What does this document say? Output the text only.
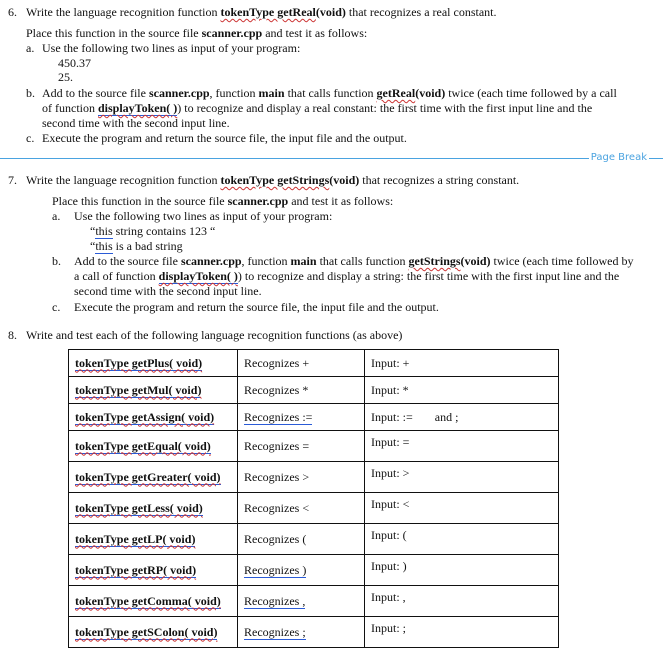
6. Write the language recognition function tokenType getReal(void) that recognizes a real constant.
Place this function in the source file scanner.cpp and test it as follows:
a. Use the following two lines as input of your program:
450.37
25.
b. Add to the source file scanner.cpp, function main that calls function getReal(void) twice (each time followed by a call
of function displayToken( )) to recognize and display a real constant: the first time with the first input line and the
second time with the second input line.
c. Execute the program and return the source file, the input file and the output.
Page Break
7. Write the language recognition function tokenType getStrings(void) that recognizes a string constant.
Place this function in the source file scanner.cpp and test it as follows:
a. Use the following two lines as input of your program:
“this string contains 123 “
“this is a bad string
b. Add to the source file scanner.cpp, function main that calls function getStrings(void) twice (each time followed by
a call of function displayToken( )) to recognize and display a string: the first time with the first input line and the
second time with the second input line.
c. Execute the program and return the source file, the input file and the output.
8. Write and test each of the following language recognition functions (as above)
tokenType getPlus( void)	Recognizes +	Input: +
tokenType getMul( void)	Recognizes *	Input: *
tokenType getAssign( void)	Recognizes :=	Input: := and ;
tokenType getEqual( void)	Recognizes =	Input: =
tokenType getGreater( void)	Recognizes >	Input: >
tokenType getLess( void)	Recognizes <	Input: <
tokenType getLP( void)	Recognizes (	Input: (
tokenType getRP( void)	Recognizes )	Input: )
tokenType getComma( void)	Recognizes ,	Input: ,
tokenType getSColon( void)	Recognizes ;	Input: ;
